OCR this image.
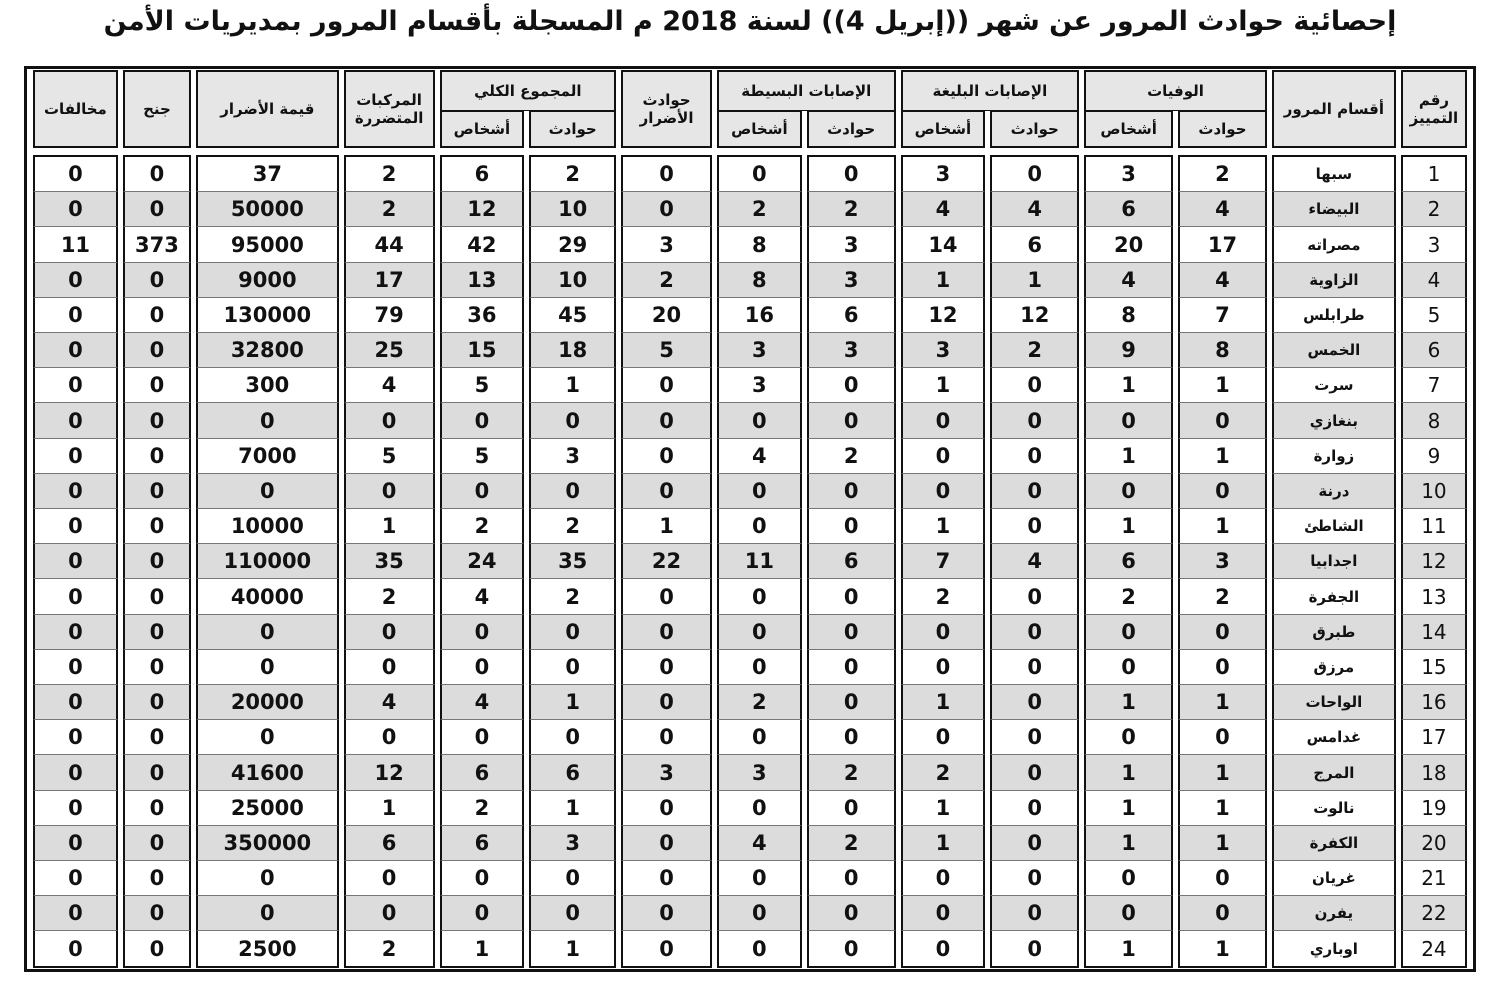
إحصائية حوادث المرور عن شهر ((إبريل 4)) لسنة 2018 م المسجلة بأقسام المرور بمديريات الأمن
رقم التمييز	أقسام المرور	الوفيات		الإصابات البليغة		الإصابات البسيطة		حوادث الأضرار	المجموع الكلي		المركبات المتضررة	قيمة الأضرار	جنح	مخالفات
		حوادث	أشخاص	حوادث	أشخاص	حوادث	أشخاص		حوادث	أشخاص				

1	سبها	2	3	0	3	0	0	0	2	6	2	37	0	0
2	البيضاء	4	6	4	4	2	2	0	10	12	2	50000	0	0
3	مصراته	17	20	6	14	3	8	3	29	42	44	95000	373	11
4	الزاوية	4	4	1	1	3	8	2	10	13	17	9000	0	0
5	طرابلس	7	8	12	12	6	16	20	45	36	79	130000	0	0
6	الخمس	8	9	2	3	3	3	5	18	15	25	32800	0	0
7	سرت	1	1	0	1	0	3	0	1	5	4	300	0	0
8	بنغازي	0	0	0	0	0	0	0	0	0	0	0	0	0
9	زوارة	1	1	0	0	2	4	0	3	5	5	7000	0	0
10	درنة	0	0	0	0	0	0	0	0	0	0	0	0	0
11	الشاطئ	1	1	0	1	0	0	1	2	2	1	10000	0	0
12	اجدابيا	3	6	4	7	6	11	22	35	24	35	110000	0	0
13	الجفرة	2	2	0	2	0	0	0	2	4	2	40000	0	0
14	طبرق	0	0	0	0	0	0	0	0	0	0	0	0	0
15	مرزق	0	0	0	0	0	0	0	0	0	0	0	0	0
16	الواحات	1	1	0	1	0	2	0	1	4	4	20000	0	0
17	غدامس	0	0	0	0	0	0	0	0	0	0	0	0	0
18	المرج	1	1	0	2	2	3	3	6	6	12	41600	0	0
19	نالوت	1	1	0	1	0	0	0	1	2	1	25000	0	0
20	الكفرة	1	1	0	1	2	4	0	3	6	6	350000	0	0
21	غريان	0	0	0	0	0	0	0	0	0	0	0	0	0
22	يفرن	0	0	0	0	0	0	0	0	0	0	0	0	0
24	اوباري	1	1	0	0	0	0	0	1	1	2	2500	0	0
